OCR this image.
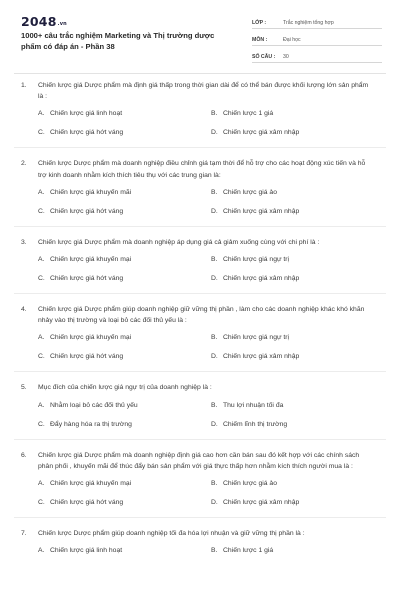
2048.vn
1000+ câu trắc nghiệm Marketing và Thị trường dược phẩm có đáp án - Phần 38
LỚP :	Trắc nghiệm tổng hợp
MÔN :	Đại học
SỐ CÂU : 30
1. Chiến lược giá Dược phẩm mà định giá thấp trong thời gian dài để có thể bán được khối lượng lớn sản phẩm là :
A. Chiến lược giá linh hoạt	B. Chiến lược 1 giá
C. Chiến lược giá hớt váng	D. Chiến lược giá xâm nhập
2. Chiến lược Dược phẩm mà doanh nghiệp điều chỉnh giá tạm thời để hỗ trợ cho các hoạt động xúc tiến và hỗ trợ kinh doanh nhằm kích thích tiêu thụ với các trung gian là:
A. Chiến lược giá khuyến mãi	B. Chiến lược giá ảo
C. Chiến lược giá hớt váng	D. Chiến lược giá xâm nhập
3. Chiến lược giá Dược phẩm mà doanh nghiệp áp dụng giá cả giảm xuống cùng với chi phí là :
A. Chiến lược giá khuyến mại	B. Chiến lược giá ngự trị
C. Chiến lược giá hớt váng	D. Chiến lược giá xâm nhập
4. Chiến lược giá Dược phẩm giúp doanh nghiệp giữ vững thị phần , làm cho các doanh nghiệp khác khó khăn nhảy vào thị trường và loại bỏ các đối thủ yếu là :
A. Chiến lược giá khuyến mại	B. Chiến lược giá ngự trị
C. Chiến lược giá hớt váng	D. Chiến lược giá xâm nhập
5. Mục đích của chiến lược giá ngự trị của doanh nghiệp là :
A. Nhằm loại bỏ các đối thủ yếu	B. Thu lợi nhuận tối đa
C. Đẩy hàng hóa ra thị trường	D. Chiếm lĩnh thị trường
6. Chiến lược giá Dược phẩm mà doanh nghiệp định giá cao hơn cần bán sau đó kết hợp với các chính sách phân phối , khuyến mãi để thúc đẩy bán sản phẩm với giá thực thấp hơn nhằm kích thích người mua là :
A. Chiến lược giá khuyến mại	B. Chiến lược giá ảo
C. Chiến lược giá hớt váng	D. Chiến lược giá xâm nhập
7. Chiến lược Dược phẩm giúp doanh nghiệp tối đa hóa lợi nhuận và giữ vững thị phần là :
A. Chiến lược giá linh hoạt	B. Chiến lược 1 giá
